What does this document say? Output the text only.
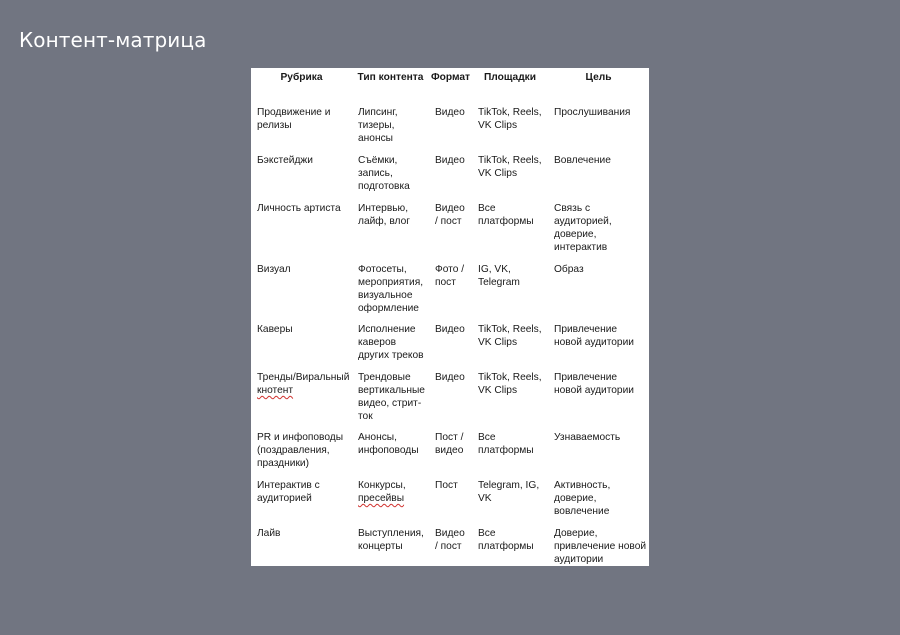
Контент-матрица
Рубрика	Тип контента	Формат	Площадки	Цель
Продвижение и релизы	Липсинг, тизеры, анонсы	Видео	TikTok, Reels, VK Clips	Прослушивания
Бэкстейджи	Съёмки, запись, подготовка	Видео	TikTok, Reels, VK Clips	Вовлечение
Личность артиста	Интервью, лайф, влог	Видео / пост	Все платформы	Связь с аудиторией, доверие, интерактив
Визуал	Фотосеты, мероприятия, визуальное оформление	Фото / пост	IG, VK, Telegram	Образ
Каверы	Исполнение каверов других треков	Видео	TikTok, Reels, VK Clips	Привлечение новой аудитории
Тренды/Виральный кнотент	Трендовые вертикальные видео, стрит-ток	Видео	TikTok, Reels, VK Clips	Привлечение новой аудитории
PR и инфоповоды (поздравления, праздники)	Анонсы, инфоповоды	Пост / видео	Все платформы	Узнаваемость
Интерактив с аудиторией	Конкурсы, пресейвы	Пост	Telegram, IG, VK	Активность, доверие, вовлечение
Лайв	Выступления, концерты	Видео / пост	Все платформы	Доверие, привлечение новой аудитории
